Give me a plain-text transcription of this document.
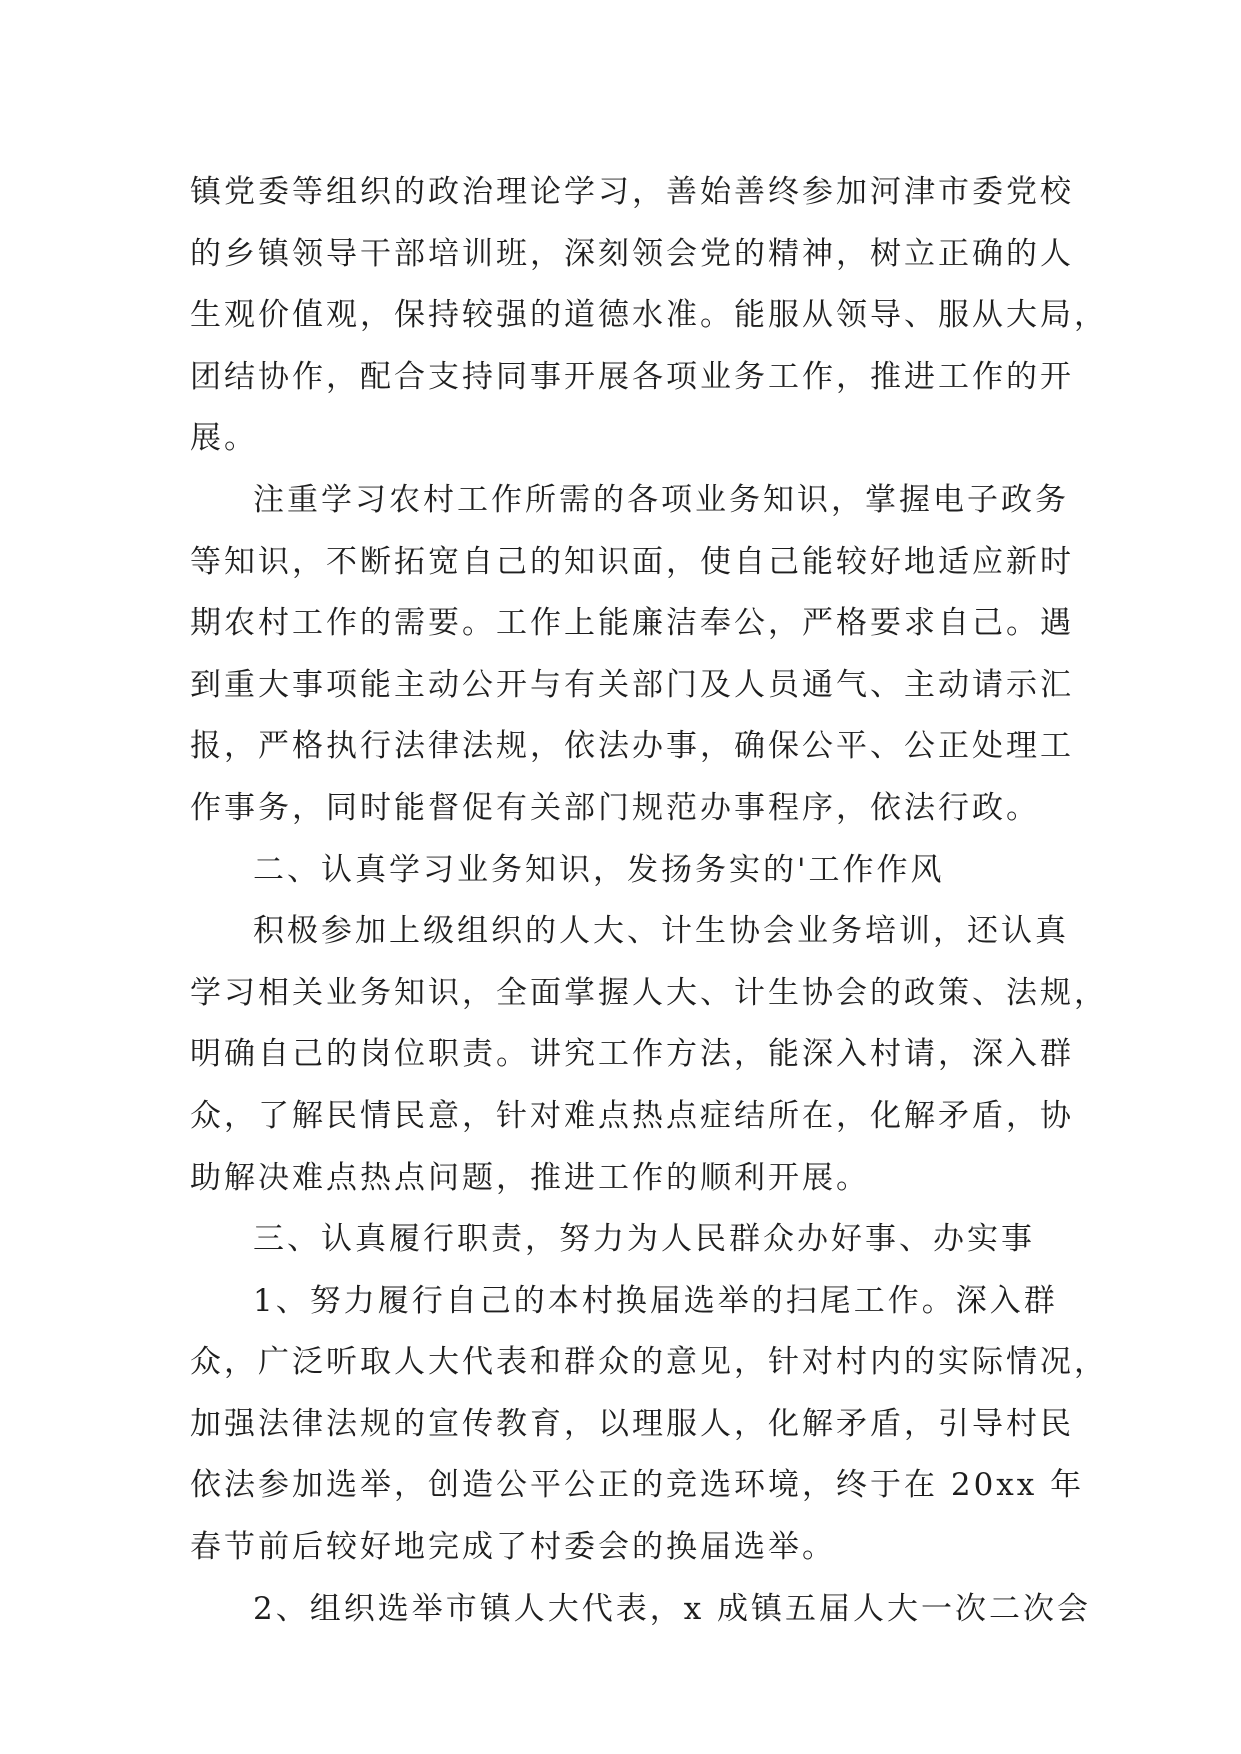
镇党委等组织的政治理论学习，善始善终参加河津市委党校
的乡镇领导干部培训班，深刻领会党的精神，树立正确的人
生观价值观，保持较强的道德水准。能服从领导、服从大局，
团结协作，配合支持同事开展各项业务工作，推进工作的开
展。
注重学习农村工作所需的各项业务知识，掌握电子政务
等知识，不断拓宽自己的知识面，使自己能较好地适应新时
期农村工作的需要。工作上能廉洁奉公，严格要求自己。遇
到重大事项能主动公开与有关部门及人员通气、主动请示汇
报，严格执行法律法规，依法办事，确保公平、公正处理工
作事务，同时能督促有关部门规范办事程序，依法行政。
二、认真学习业务知识，发扬务实的'工作作风
积极参加上级组织的人大、计生协会业务培训，还认真
学习相关业务知识，全面掌握人大、计生协会的政策、法规，
明确自己的岗位职责。讲究工作方法，能深入村请，深入群
众，了解民情民意，针对难点热点症结所在，化解矛盾，协
助解决难点热点问题，推进工作的顺利开展。
三、认真履行职责，努力为人民群众办好事、办实事
1、努力履行自己的本村换届选举的扫尾工作。深入群
众，广泛听取人大代表和群众的意见，针对村内的实际情况，
加强法律法规的宣传教育，以理服人，化解矛盾，引导村民
依法参加选举，创造公平公正的竞选环境，终于在 20xx 年
春节前后较好地完成了村委会的换届选举。
2、组织选举市镇人大代表，x 成镇五届人大一次二次会
